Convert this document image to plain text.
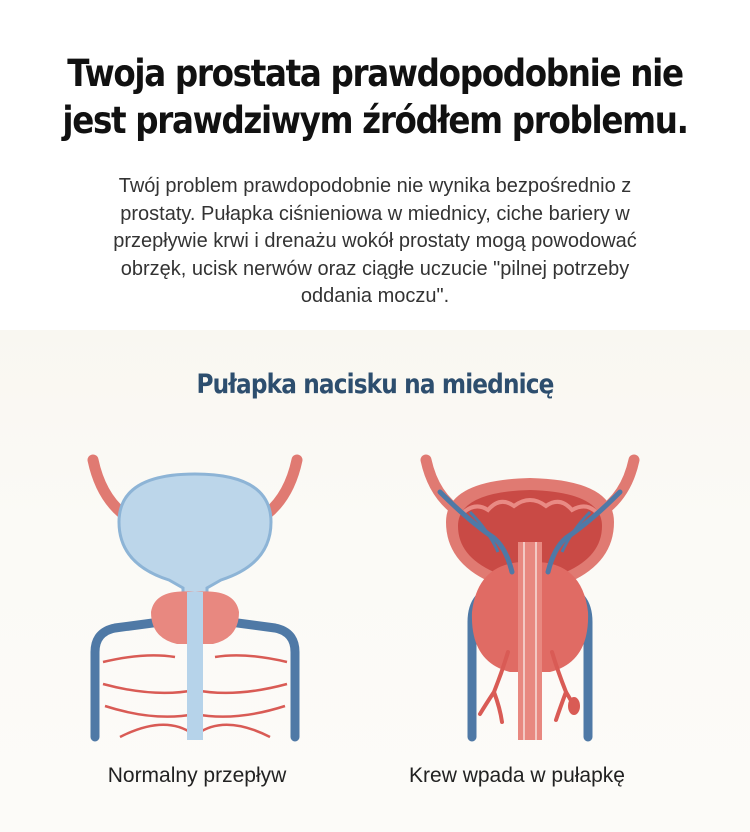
Twoja prostata prawdopodobnie nie
jest prawdziwym źródłem problemu.
Twój problem prawdopodobnie nie wynika bezpośrednio z
prostaty. Pułapka ciśnieniowa w miednicy, ciche bariery w
przepływie krwi i drenażu wokół prostaty mogą powodować
obrzęk, ucisk nerwów oraz ciągłe uczucie "pilnej potrzeby
oddania moczu".
Pułapka nacisku na miednicę
Normalny przepływ	Krew wpada w pułapkę
